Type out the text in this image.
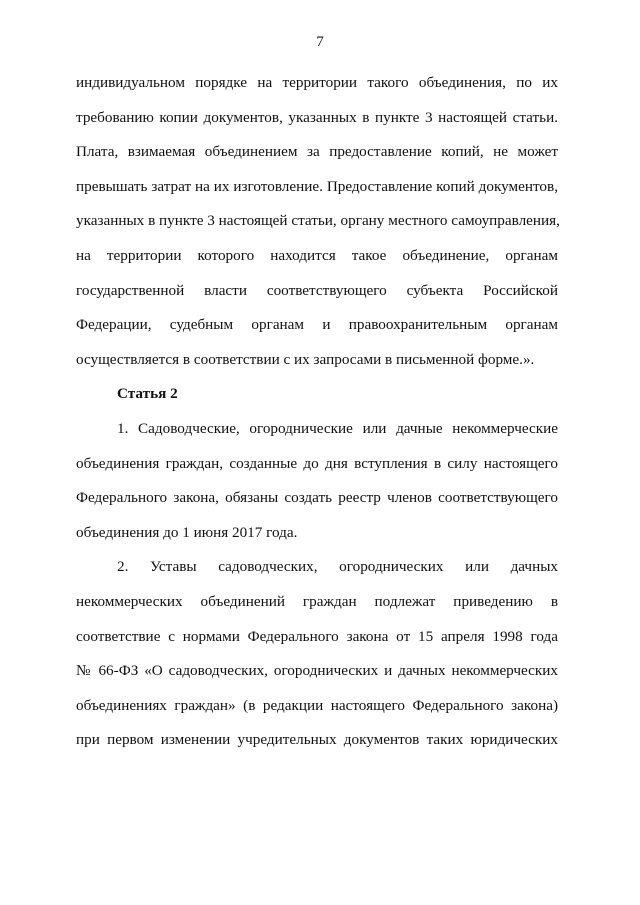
7
индивидуальном порядке на территории такого объединения, по их
требованию копии документов, указанных в пункте 3 настоящей статьи.
Плата, взимаемая объединением за предоставление копий, не может
превышать затрат на их изготовление. Предоставление копий документов,
указанных в пункте 3 настоящей статьи, органу местного самоуправления,
на территории которого находится такое объединение, органам
государственной власти соответствующего субъекта Российской
Федерации, судебным органам и правоохранительным органам
осуществляется в соответствии с их запросами в письменной форме.».
Статья 2
1. Садоводческие, огороднические или дачные некоммерческие
объединения граждан, созданные до дня вступления в силу настоящего
Федерального закона, обязаны создать реестр членов соответствующего
объединения до 1 июня 2017 года.
2. Уставы садоводческих, огороднических или дачных
некоммерческих объединений граждан подлежат приведению в
соответствие с нормами Федерального закона от 15 апреля 1998 года
№ 66-ФЗ «О садоводческих, огороднических и дачных некоммерческих
объединениях граждан» (в редакции настоящего Федерального закона)
при первом изменении учредительных документов таких юридических
